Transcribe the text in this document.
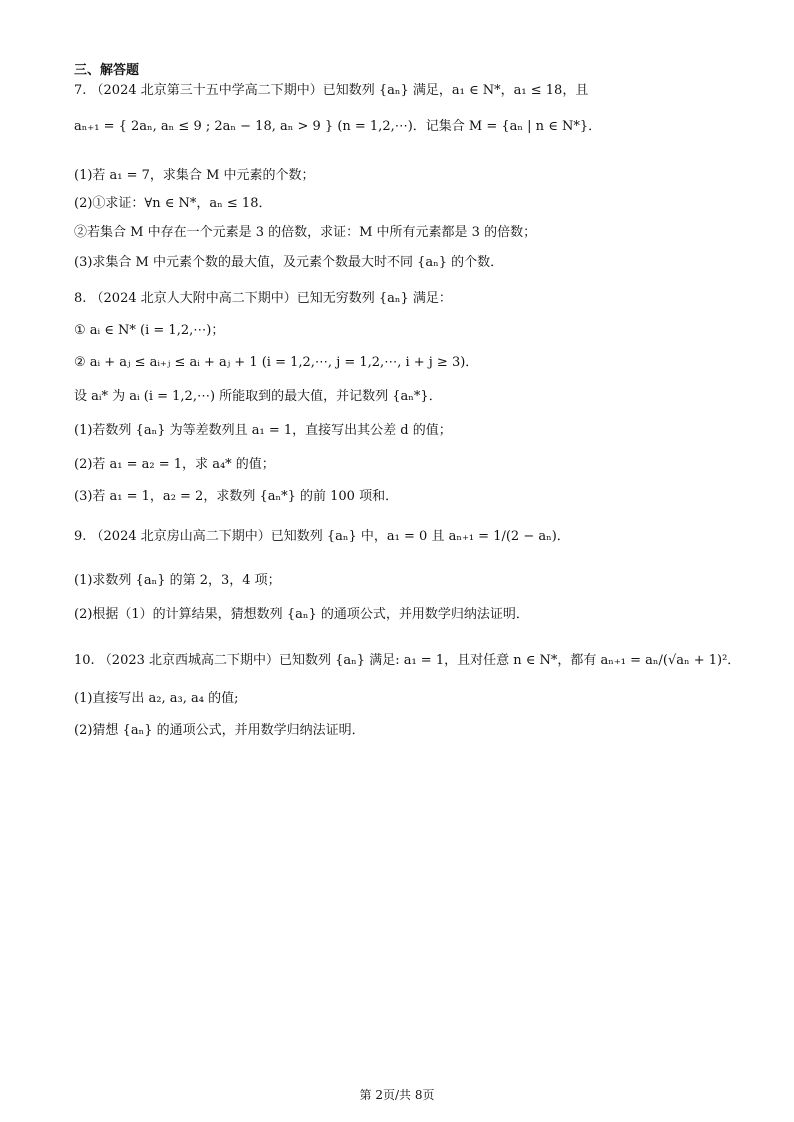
三、解答题
7. （2024 北京第三十五中学高二下期中）已知数列 {aₙ} 满足，a₁ ∈ N*，a₁ ≤ 18，且
aₙ₊₁ = { 2aₙ, aₙ ≤ 9 ; 2aₙ − 18, aₙ > 9 } (n = 1,2,⋯)．记集合 M = {aₙ | n ∈ N*}．
(1)若 a₁ = 7，求集合 M 中元素的个数；
(2)①求证：∀n ∈ N*，aₙ ≤ 18．
②若集合 M 中存在一个元素是 3 的倍数，求证：M 中所有元素都是 3 的倍数；
(3)求集合 M 中元素个数的最大值，及元素个数最大时不同 {aₙ} 的个数．
8. （2024 北京人大附中高二下期中）已知无穷数列 {aₙ} 满足：
① aᵢ ∈ N* (i = 1,2,⋯)；
② aᵢ + aⱼ ≤ aᵢ₊ⱼ ≤ aᵢ + aⱼ + 1 (i = 1,2,⋯, j = 1,2,⋯, i + j ≥ 3)．
设 aᵢ* 为 aᵢ (i = 1,2,⋯) 所能取到的最大值，并记数列 {aₙ*}．
(1)若数列 {aₙ} 为等差数列且 a₁ = 1，直接写出其公差 d 的值；
(2)若 a₁ = a₂ = 1，求 a₄* 的值；
(3)若 a₁ = 1，a₂ = 2，求数列 {aₙ*} 的前 100 项和．
9. （2024 北京房山高二下期中）已知数列 {aₙ} 中，a₁ = 0 且 aₙ₊₁ = 1/(2 − aₙ)．
(1)求数列 {aₙ} 的第 2，3，4 项；
(2)根据（1）的计算结果，猜想数列 {aₙ} 的通项公式，并用数学归纳法证明．
10. （2023 北京西城高二下期中）已知数列 {aₙ} 满足: a₁ = 1，且对任意 n ∈ N*，都有 aₙ₊₁ = aₙ/(√aₙ + 1)²．
(1)直接写出 a₂, a₃, a₄ 的值;
(2)猜想 {aₙ} 的通项公式，并用数学归纳法证明．
第 2页/共 8页
